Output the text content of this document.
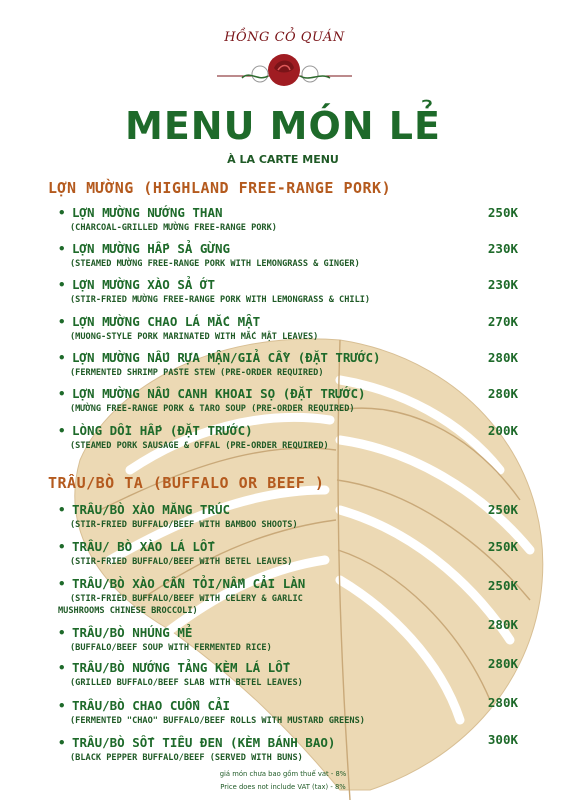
HỒNG CỎ QUÁN
MENU MÓN LẺ
À LA CARTE MENU
LỢN MƯỜNG (HIGHLAND FREE-RANGE PORK)
• LỢN MƯỜNG NƯỚNG THAN
(CHARCOAL-GRILLED MƯỜNG FREE-RANGE PORK)
250K
• LỢN MƯỜNG HẤP SẢ GỪNG
(STEAMED MƯỜNG FREE-RANGE PORK WITH LEMONGRASS & GINGER)
230K
• LỢN MƯỜNG XÀO SẢ ỚT
(STIR-FRIED MƯỜNG FREE-RANGE PORK WITH LEMONGRASS & CHILI)
230K
• LỢN MƯỜNG CHAO LÁ MẮC MẬT
(MUONG-STYLE PORK MARINATED WITH MẮC MẬT LEAVES)
270K
• LỢN MƯỜNG NẤU RỰA MẬN/GIẢ CẦY (ĐẶT TRƯỚC)
(FERMENTED SHRIMP PASTE STEW (PRE-ORDER REQUIRED)
280K
• LỢN MƯỜNG NẤU CANH KHOAI SỌ (ĐẶT TRƯỚC)
(MƯỜNG FREE-RANGE PORK & TARO SOUP (PRE-ORDER REQUIRED)
280K
• LÒNG DỒI HẤP (ĐẶT TRƯỚC)
(STEAMED PORK SAUSAGE & OFFAL (PRE-ORDER REQUIRED)
200K
TRÂU/BÒ TA (BUFFALO OR BEEF )
• TRÂU/BÒ XÀO MĂNG TRÚC
(STIR-FRIED BUFFALO/BEEF WITH BAMBOO SHOOTS)
250K
• TRÂU/ BÒ XÀO LÁ LỐT
(STIR-FRIED BUFFALO/BEEF WITH BETEL LEAVES)
250K
• TRÂU/BÒ XÀO CẦN TỎI/NẤM CẢI LÀN
(STIR-FRIED BUFFALO/BEEF WITH CELERY & GARLIC
MUSHROOMS CHINESE BROCCOLI)
250K
• TRÂU/BÒ NHÚNG MẺ
(BUFFALO/BEEF SOUP WITH FERMENTED RICE)
280K
• TRÂU/BÒ NƯỚNG TẢNG KÈM LÁ LỐT
(GRILLED BUFFALO/BEEF SLAB WITH BETEL LEAVES)
280K
• TRÂU/BÒ CHAO CUỐN CẢI
(FERMENTED "CHAO" BUFFALO/BEEF ROLLS WITH MUSTARD GREENS)
280K
• TRÂU/BÒ SỐT TIÊU ĐEN (KÈM BÁNH BAO)
(BLACK PEPPER BUFFALO/BEEF (SERVED WITH BUNS)
300K
giá món chưa bao gồm thuế vat - 8%
Price does not include VAT (tax) - 8%
